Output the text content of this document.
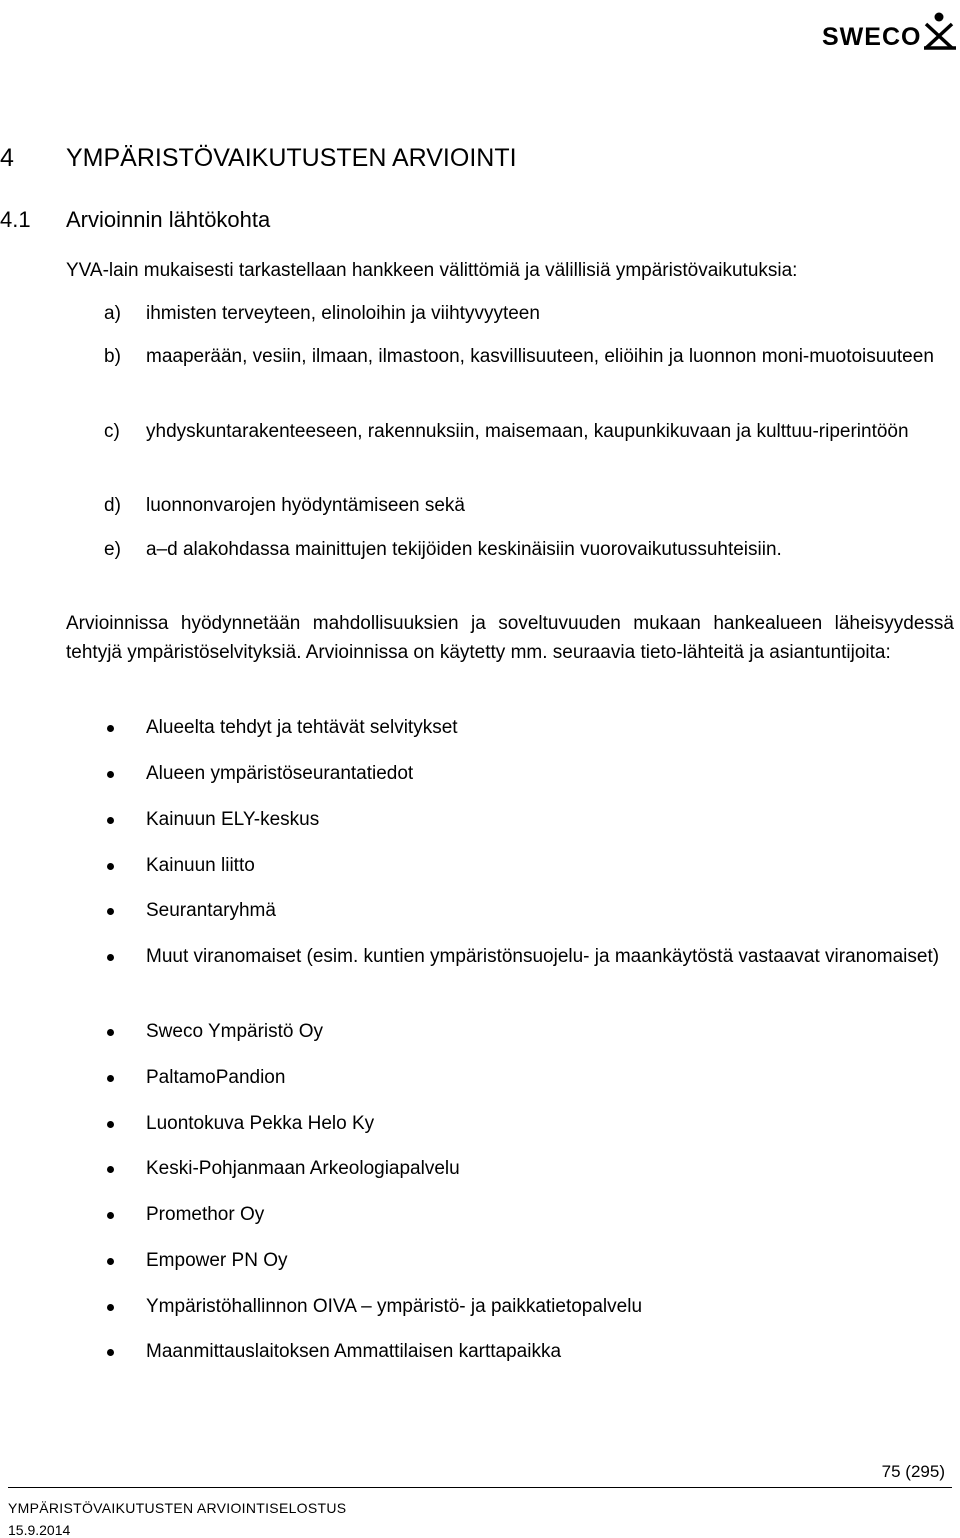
SWECO
4 YMPÄRISTÖVAIKUTUSTEN ARVIOINTI
4.1 Arvioinnin lähtökohta
YVA-lain mukaisesti tarkastellaan hankkeen välittömiä ja välillisiä ympäristövaikutuksia:
a) ihmisten terveyteen, elinoloihin ja viihtyvyyteen
b) maaperään, vesiin, ilmaan, ilmastoon, kasvillisuuteen, eliöihin ja luonnon moni-muotoisuuteen
c) yhdyskuntarakenteeseen, rakennuksiin, maisemaan, kaupunkikuvaan ja kulttuu-riperintöön
d) luonnonvarojen hyödyntämiseen sekä
e) a–d alakohdassa mainittujen tekijöiden keskinäisiin vuorovaikutussuhteisiin.
Arvioinnissa hyödynnetään mahdollisuuksien ja soveltuvuuden mukaan hankealueen läheisyydessä tehtyjä ympäristöselvityksiä. Arvioinnissa on käytetty mm. seuraavia tieto-lähteitä ja asiantuntijoita:
Alueelta tehdyt ja tehtävät selvitykset
Alueen ympäristöseurantatiedot
Kainuun ELY-keskus
Kainuun liitto
Seurantaryhmä
Muut viranomaiset (esim. kuntien ympäristönsuojelu- ja maankäytöstä vastaavat viranomaiset)
Sweco Ympäristö Oy
PaltamoPandion
Luontokuva Pekka Helo Ky
Keski-Pohjanmaan Arkeologiapalvelu
Promethor Oy
Empower PN Oy
Ympäristöhallinnon OIVA – ympäristö- ja paikkatietopalvelu
Maanmittauslaitoksen Ammattilaisen karttapaikka
75 (295)
YMPÄRISTÖVAIKUTUSTEN ARVIOINTISELOSTUS
15.9.2014
